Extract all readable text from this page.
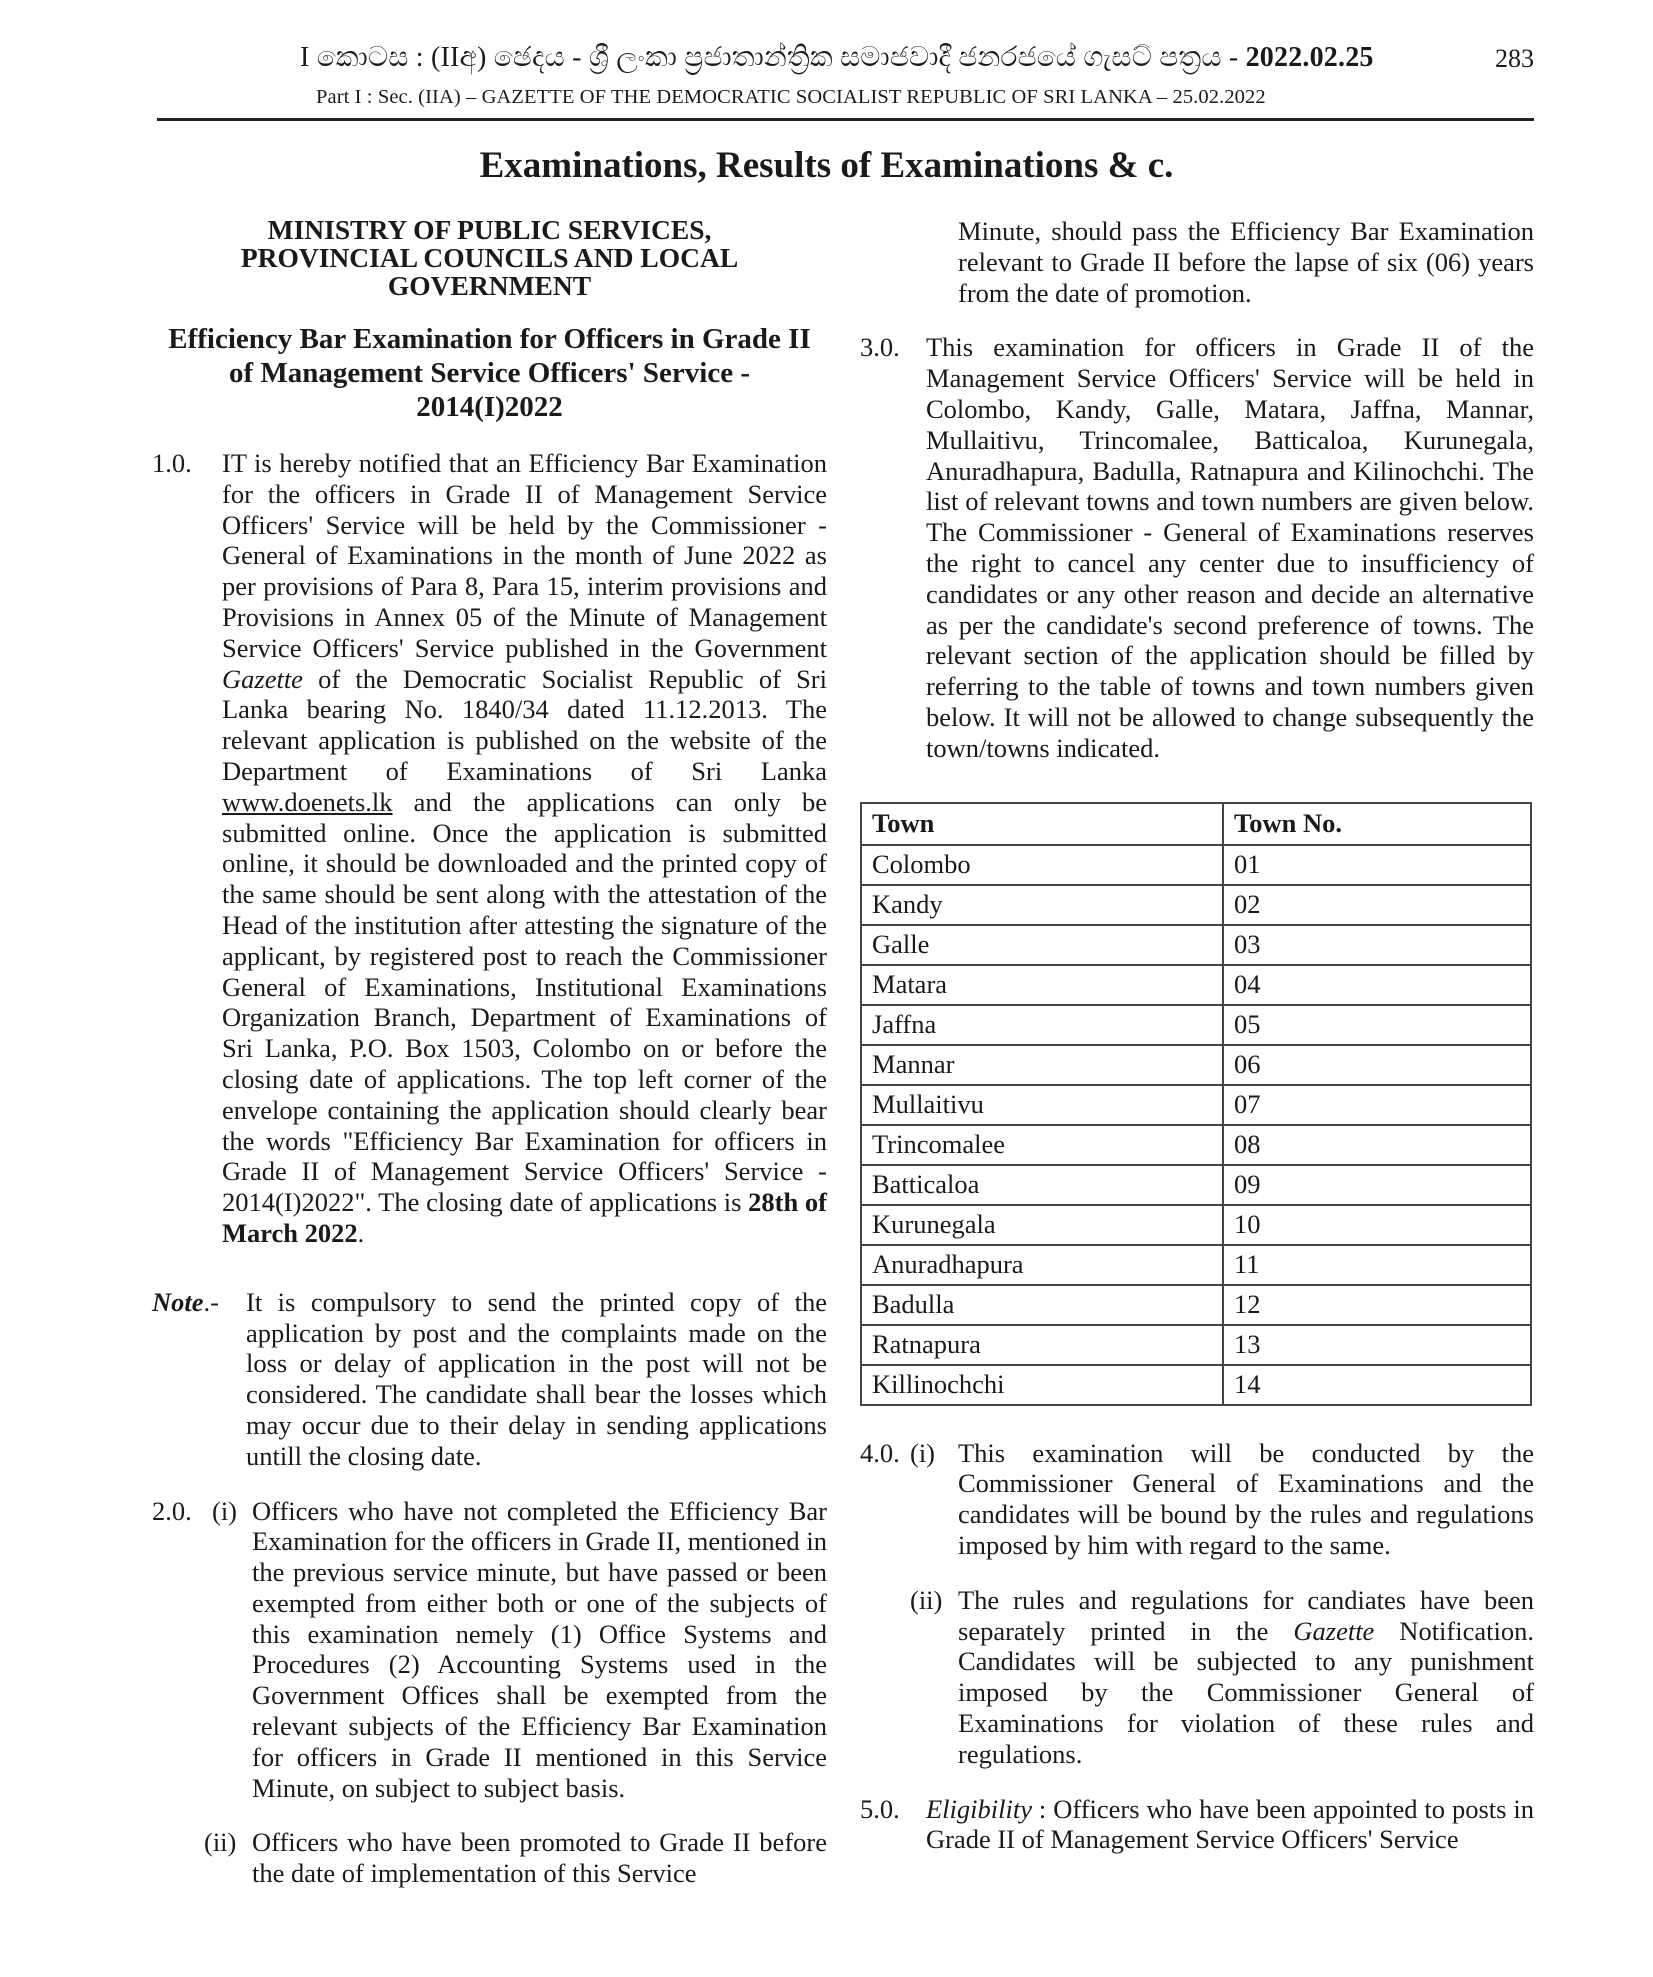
I කොටස : (IIඅ) ඡෙදය - ශ්‍රී ලංකා ප්‍රජාතාන්ත්‍රික සමාජවාදී ජනරජයේ ගැසට් පත්‍රය - 2022.02.25	283
Part I : Sec. (IIA) – GAZETTE OF THE DEMOCRATIC SOCIALIST REPUBLIC OF SRI LANKA – 25.02.2022
Examinations, Results of Examinations & c.
MINISTRY OF PUBLIC SERVICES, PROVINCIAL COUNCILS AND LOCAL GOVERNMENT
Efficiency Bar Examination for Officers in Grade II of Management Service Officers' Service - 2014(I)2022
1.0.	IT is hereby notified that an Efficiency Bar Examination for the officers in Grade II of Management Service Officers' Service will be held by the Commissioner - General of Examinations in the month of June 2022 as per provisions of Para 8, Para 15, interim provisions and Provisions in Annex 05 of the Minute of Management Service Officers' Service published in the Government Gazette of the Democratic Socialist Republic of Sri Lanka bearing No. 1840/34 dated 11.12.2013. The relevant application is published on the website of the Department of Examinations of Sri Lanka www.doenets.lk and the applications can only be submitted online. Once the application is submitted online, it should be downloaded and the printed copy of the same should be sent along with the attestation of the Head of the institution after attesting the signature of the applicant, by registered post to reach the Commissioner General of Examinations, Institutional Examinations Organization Branch, Department of Examinations of Sri Lanka, P.O. Box 1503, Colombo on or before the closing date of applications. The top left corner of the envelope containing the application should clearly bear the words "Efficiency Bar Examination for officers in Grade II of Management Service Officers' Service - 2014(I)2022". The closing date of applications is 28th of March 2022.
Note.-	It is compulsory to send the printed copy of the application by post and the complaints made on the loss or delay of application in the post will not be considered. The candidate shall bear the losses which may occur due to their delay in sending applications untill the closing date.
2.0. (i) Officers who have not completed the Efficiency Bar Examination for the officers in Grade II, mentioned in the previous service minute, but have passed or been exempted from either both or one of the subjects of this examination nemely (1) Office Systems and Procedures (2) Accounting Systems used in the Government Offices shall be exempted from the relevant subjects of the Efficiency Bar Examination for officers in Grade II mentioned in this Service Minute, on subject to subject basis.
(ii) Officers who have been promoted to Grade II before the date of implementation of this Service
Minute, should pass the Efficiency Bar Examination relevant to Grade II before the lapse of six (06) years from the date of promotion.
3.0. This examination for officers in Grade II of the Management Service Officers' Service will be held in Colombo, Kandy, Galle, Matara, Jaffna, Mannar, Mullaitivu, Trincomalee, Batticaloa, Kurunegala, Anuradhapura, Badulla, Ratnapura and Kilinochchi. The list of relevant towns and town numbers are given below. The Commissioner - General of Examinations reserves the right to cancel any center due to insufficiency of candidates or any other reason and decide an alternative as per the candidate's second preference of towns. The relevant section of the application should be filled by referring to the table of towns and town numbers given below. It will not be allowed to change subsequently the town/towns indicated.
Town	Town No.
Colombo	01
Kandy	02
Galle	03
Matara	04
Jaffna	05
Mannar	06
Mullaitivu	07
Trincomalee	08
Batticaloa	09
Kurunegala	10
Anuradhapura	11
Badulla	12
Ratnapura	13
Killinochchi	14
4.0. (i) This examination will be conducted by the Commissioner General of Examinations and the candidates will be bound by the rules and regulations imposed by him with regard to the same.
(ii) The rules and regulations for candiates have been separately printed in the Gazette Notification. Candidates will be subjected to any punishment imposed by the Commissioner General of Examinations for violation of these rules and regulations.
5.0. Eligibility : Officers who have been appointed to posts in Grade II of Management Service Officers' Service
